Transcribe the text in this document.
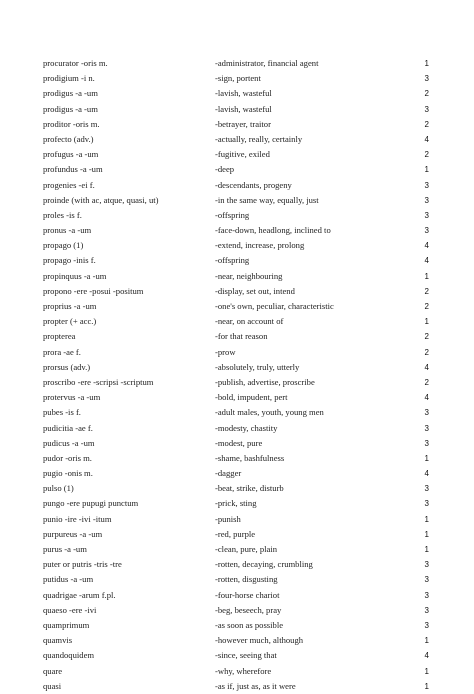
procurator -oris m.	-administrator, financial agent	1
prodigium -i n.	-sign, portent	3
prodigus -a -um	-lavish, wasteful	2
prodigus -a -um	-lavish, wasteful	3
proditor -oris m.	-betrayer, traitor	2
profecto (adv.)	-actually, really, certainly	4
profugus -a -um	-fugitive, exiled	2
profundus -a -um	-deep	1
progenies -ei f.	-descendants, progeny	3
proinde (with ac, atque, quasi, ut)	-in the same way, equally, just	3
proles -is f.	-offspring	3
pronus -a -um	-face-down, headlong, inclined to	3
propago (1)	-extend, increase, prolong	4
propago -inis f.	-offspring	4
propinquus -a -um	-near, neighbouring	1
propono -ere -posui -positum	-display, set out, intend	2
proprius -a -um	-one's own, peculiar, characteristic	2
propter (+ acc.)	-near, on account of	1
propterea	-for that reason	2
prora -ae f.	-prow	2
prorsus (adv.)	-absolutely, truly, utterly	4
proscribo -ere -scripsi -scriptum	-publish, advertise, proscribe	2
protervus -a -um	-bold, impudent, pert	4
pubes -is f.	-adult males, youth, young men	3
pudicitia -ae f.	-modesty, chastity	3
pudicus -a -um	-modest, pure	3
pudor -oris m.	-shame, bashfulness	1
pugio -onis m.	-dagger	4
pulso (1)	-beat, strike, disturb	3
pungo -ere pupugi punctum	-prick, sting	3
punio -ire -ivi -itum	-punish	1
purpureus -a -um	-red, purple	1
purus -a -um	-clean, pure, plain	1
puter or putris -tris -tre	-rotten, decaying, crumbling	3
putidus -a -um	-rotten, disgusting	3
quadrigae -arum f.pl.	-four-horse chariot	3
quaeso -ere -ivi	-beg, beseech, pray	3
quamprimum	-as soon as possible	3
quamvis	-however much, although	1
quandoquidem	-since, seeing that	4
quare	-why, wherefore	1
quasi	-as if, just as, as it were	1
